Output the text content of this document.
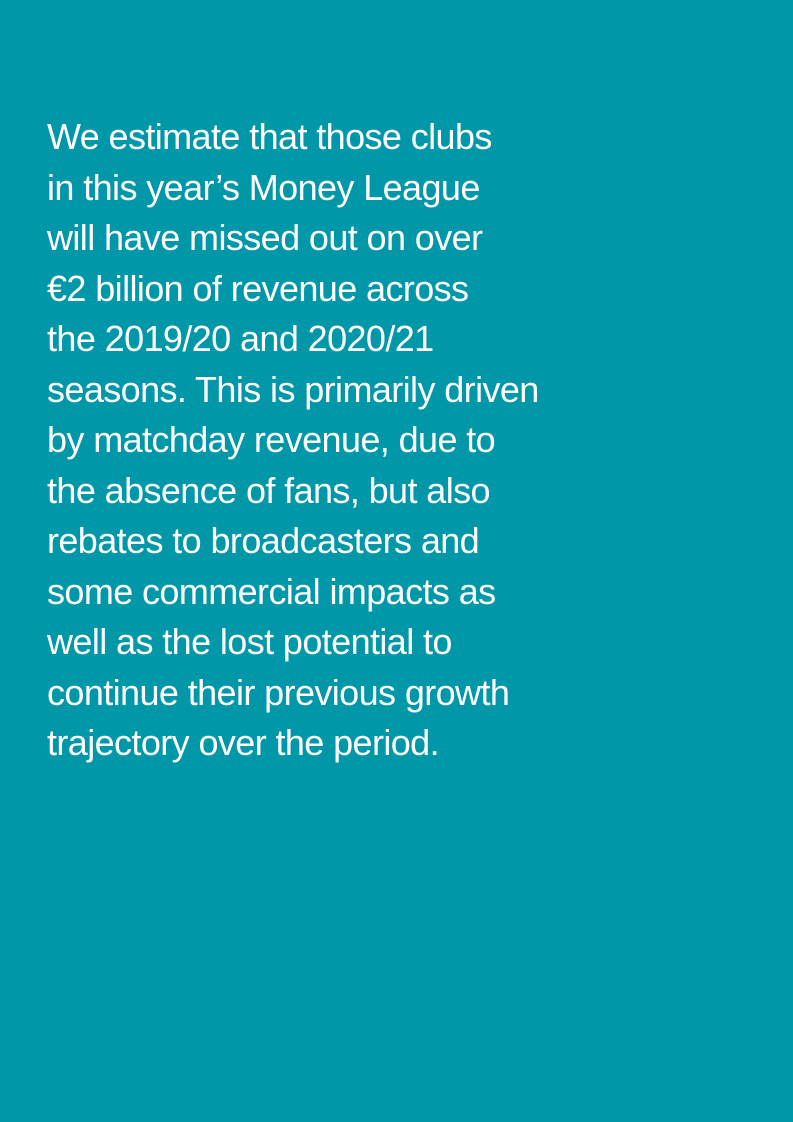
We estimate that those clubs
in this year’s Money League
will have missed out on over
€2 billion of revenue across
the 2019/20 and 2020/21
seasons. This is primarily driven
by matchday revenue, due to
the absence of fans, but also
rebates to broadcasters and
some commercial impacts as
well as the lost potential to
continue their previous growth
trajectory over the period.
